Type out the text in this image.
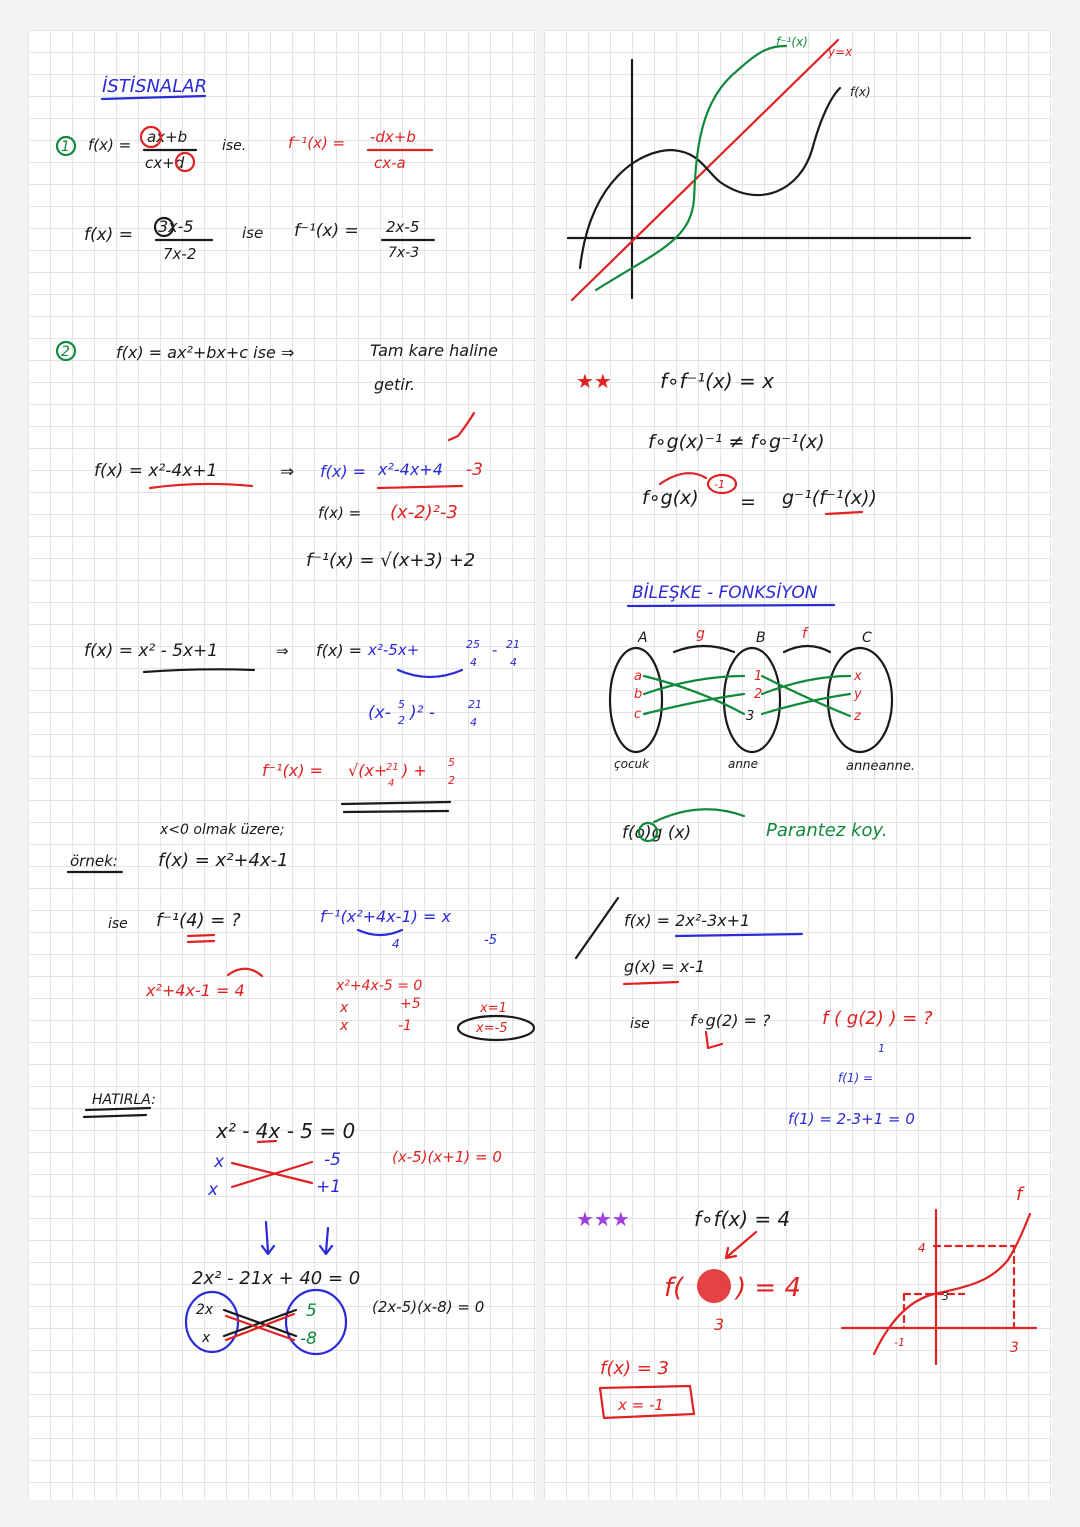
İSTİSNALAR
1 f(x) = ax+b
cx+d
ise.	f⁻¹(x) = -dx+b
cx-a
f(x) = 3x-5
7x-2
ise f⁻¹(x) = 2x-5
7x-3
2	f(x) = ax²+bx+c ise ⇒	Tam kare haline
getir.
f(x) = x²-4x+1	⇒ f(x) = x²-4x+4 -3
f(x) = (x-2)²-3
f⁻¹(x) = √(x+3) +2
f(x) = x² - 5x+1	⇒ f(x) = x²-5x+	25
4
- 21
4
(x- 5
2 )² -	21
4
f⁻¹(x) = √(x+
21
4
) + 5
2
x<0 olmak üzere;
örnek: f(x) = x²+4x-1
ise f⁻¹(4) = ?	f⁻¹(x²+4x-1) = x
4	-5
x²+4x-1 = 4	x²+4x-5 = 0
x	+5
x	-1
x=1
x=-5
HATIRLA:
x² - 4x - 5 = 0
x
x
-5
+1
(x-5)(x+1) = 0
2x² - 21x + 40 = 0
2x
x
5
-8
(2x-5)(x-8) = 0
f⁻¹(x)
y=x
f(x)
★★ f∘f⁻¹(x) = x
f∘g(x)⁻¹ ≠ f∘g⁻¹(x)
f∘g(x)
-1
= g⁻¹(f⁻¹(x))
BİLEŞKE - FONKSİYON
A	B	C
g	f
a
b
c
1
2
3
x
y
z
çocuk	anne	anneanne.
f(o)g (x)	Parantez koy.
f(x) = 2x²-3x+1
g(x) = x-1
ise	f∘g(2) = ?	f ( g(2) ) = ?
1
f(1) =
f(1) = 2-3+1 = 0
★★★	f∘f(x) = 4
f( ) = 4
3
f(x) = 3
x = -1
f
4
3
-1	3
